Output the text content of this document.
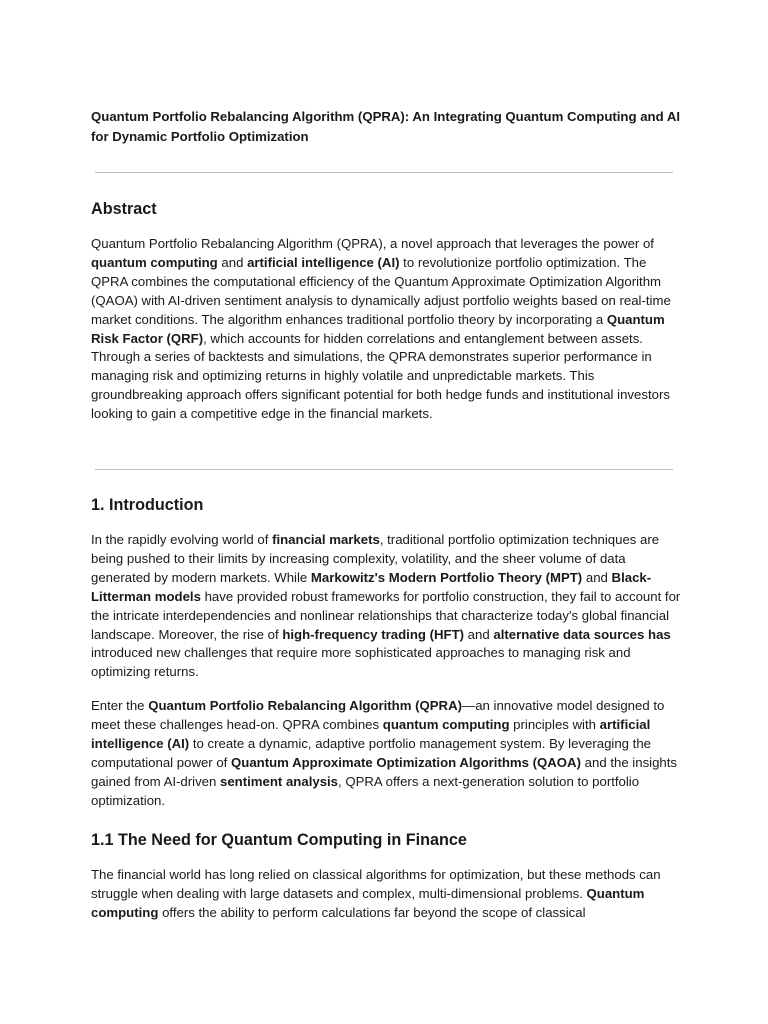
Quantum Portfolio Rebalancing Algorithm (QPRA): An Integrating Quantum Computing and AI for Dynamic Portfolio Optimization
Abstract
Quantum Portfolio Rebalancing Algorithm (QPRA), a novel approach that leverages the power of quantum computing and artificial intelligence (AI) to revolutionize portfolio optimization. The QPRA combines the computational efficiency of the Quantum Approximate Optimization Algorithm (QAOA) with AI-driven sentiment analysis to dynamically adjust portfolio weights based on real-time market conditions. The algorithm enhances traditional portfolio theory by incorporating a Quantum Risk Factor (QRF), which accounts for hidden correlations and entanglement between assets. Through a series of backtests and simulations, the QPRA demonstrates superior performance in managing risk and optimizing returns in highly volatile and unpredictable markets. This groundbreaking approach offers significant potential for both hedge funds and institutional investors looking to gain a competitive edge in the financial markets.
1. Introduction
In the rapidly evolving world of financial markets, traditional portfolio optimization techniques are being pushed to their limits by increasing complexity, volatility, and the sheer volume of data generated by modern markets. While Markowitz's Modern Portfolio Theory (MPT) and Black-Litterman models have provided robust frameworks for portfolio construction, they fail to account for the intricate interdependencies and nonlinear relationships that characterize today's global financial landscape. Moreover, the rise of high-frequency trading (HFT) and alternative data sources has introduced new challenges that require more sophisticated approaches to managing risk and optimizing returns.
Enter the Quantum Portfolio Rebalancing Algorithm (QPRA)—an innovative model designed to meet these challenges head-on. QPRA combines quantum computing principles with artificial intelligence (AI) to create a dynamic, adaptive portfolio management system. By leveraging the computational power of Quantum Approximate Optimization Algorithms (QAOA) and the insights gained from AI-driven sentiment analysis, QPRA offers a next-generation solution to portfolio optimization.
1.1 The Need for Quantum Computing in Finance
The financial world has long relied on classical algorithms for optimization, but these methods can struggle when dealing with large datasets and complex, multi-dimensional problems. Quantum computing offers the ability to perform calculations far beyond the scope of classical
